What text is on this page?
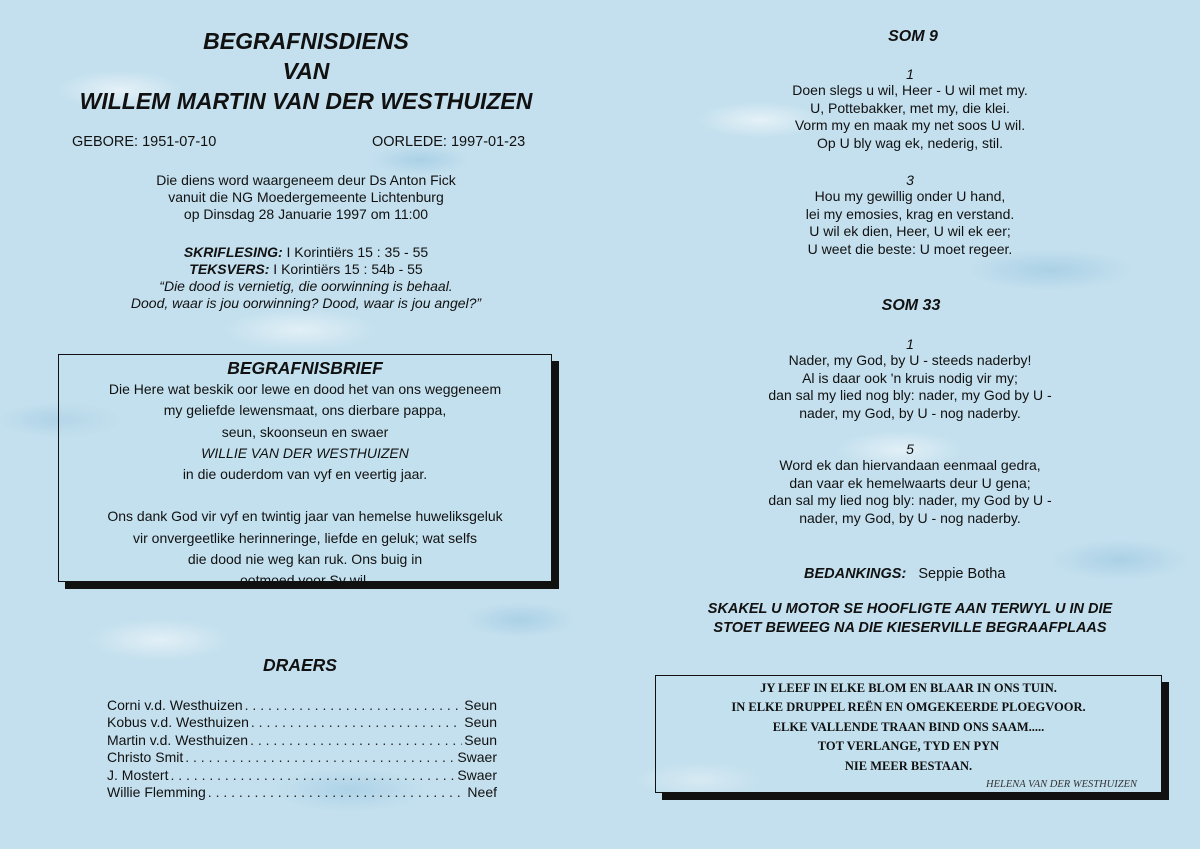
BEGRAFNISDIENS
VAN
WILLEM MARTIN VAN DER WESTHUIZEN
GEBORE: 1951-07-10	OORLEDE: 1997-01-23
Die diens word waargeneem deur Ds Anton Fick
vanuit die NG Moedergemeente Lichtenburg
op Dinsdag 28 Januarie 1997 om 11:00
SKRIFLESING: I Korintiërs 15 : 35 - 55
TEKSVERS: I Korintiërs 15 : 54b - 55
“Die dood is vernietig, die oorwinning is behaal.
Dood, waar is jou oorwinning? Dood, waar is jou angel?”
BEGRAFNISBRIEF
Die Here wat beskik oor lewe en dood het van ons weggeneem
my geliefde lewensmaat, ons dierbare pappa,
seun, skoonseun en swaer
WILLIE VAN DER WESTHUIZEN
in die ouderdom van vyf en veertig jaar.
Ons dank God vir vyf en twintig jaar van hemelse huweliksgeluk
vir onvergeetlike herinneringe, liefde en geluk; wat selfs
die dood nie weg kan ruk. Ons buig in
ootmoed voor Sy wil.
DRAERS
Corni v.d. Westhuizen . . .	Seun
Kobus v.d. Westhuizen . . .	Seun
Martin v.d. Westhuizen . . .	Seun
Christo Smit . . .	Swaer
J. Mostert . . .	Swaer
Willie Flemming . . .	Neef
SOM 9
1
Doen slegs u wil, Heer - U wil met my.
U, Pottebakker, met my, die klei.
Vorm my en maak my net soos U wil.
Op U bly wag ek, nederig, stil.
3
Hou my gewillig onder U hand,
lei my emosies, krag en verstand.
U wil ek dien, Heer, U wil ek eer;
U weet die beste: U moet regeer.
SOM 33
1
Nader, my God, by U - steeds naderby!
Al is daar ook 'n kruis nodig vir my;
dan sal my lied nog bly: nader, my God by U -
nader, my God, by U - nog naderby.
5
Word ek dan hiervandaan eenmaal gedra,
dan vaar ek hemelwaarts deur U gena;
dan sal my lied nog bly: nader, my God by U -
nader, my God, by U - nog naderby.
BEDANKINGS: Seppie Botha
SKAKEL U MOTOR SE HOOFLIGTE AAN TERWYL U IN DIE
STOET BEWEEG NA DIE KIESERVILLE BEGRAAFPLAAS
JY LEEF IN ELKE BLOM EN BLAAR IN ONS TUIN.
IN ELKE DRUPPEL REËN EN OMGEKEERDE PLOEGVOOR.
ELKE VALLENDE TRAAN BIND ONS SAAM.....
TOT VERLANGE, TYD EN PYN
NIE MEER BESTAAN.
HELENA VAN DER WESTHUIZEN
